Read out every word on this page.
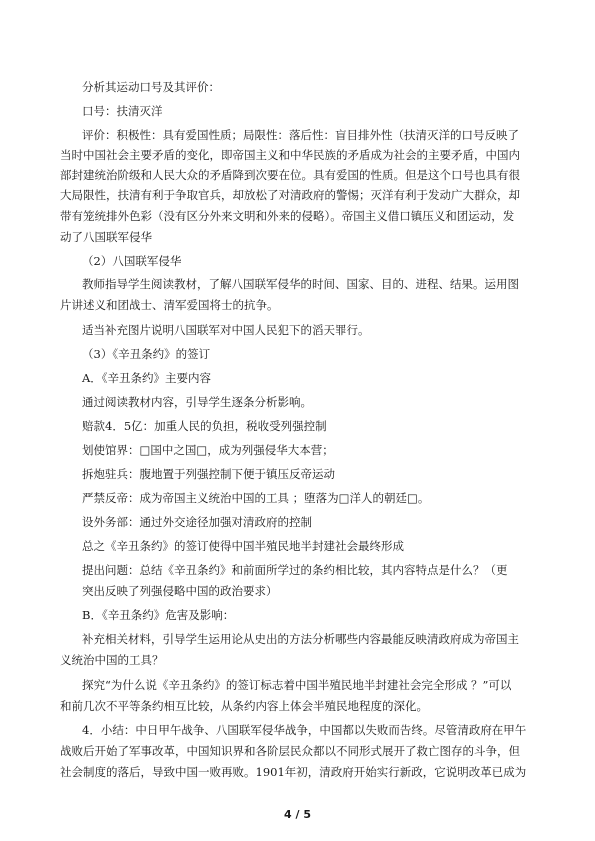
分析其运动口号及其评价：
口号：扶清灭洋
评价：积极性：具有爱国性质；局限性：落后性：盲目排外性（扶清灭洋的口号反映了
当时中国社会主要矛盾的变化，即帝国主义和中华民族的矛盾成为社会的主要矛盾，中国内
部封建统治阶级和人民大众的矛盾降到次要在位。具有爱国的性质。但是这个口号也具有很
大局限性，扶清有利于争取官兵，却放松了对清政府的警惕；灭洋有利于发动广大群众，却
带有笼统排外色彩（没有区分外来文明和外来的侵略）。帝国主义借口镇压义和团运动，发
动了八国联军侵华
（2）八国联军侵华
教师指导学生阅读教材，了解八国联军侵华的时间、国家、目的、进程、结果。运用图
片讲述义和团战士、清军爱国将士的抗争。
适当补充图片说明八国联军对中国人民犯下的滔天罪行。
（3）《辛丑条约》的签订
A．《辛丑条约》主要内容
通过阅读教材内容，引导学生逐条分析影响。
赔款4．5亿：加重人民的负担，税收受列强控制
划使馆界：□国中之国□，成为列强侵华大本营；
拆炮驻兵：腹地置于列强控制下便于镇压反帝运动
严禁反帝：成为帝国主义统治中国的工具 ；堕落为□洋人的朝廷□。
设外务部：通过外交途径加强对清政府的控制
总之《辛丑条约》的签订使得中国半殖民地半封建社会最终形成
提出问题：总结《辛丑条约》和前面所学过的条约相比较，其内容特点是什么？（更
突出反映了列强侵略中国的政治要求）
B．《辛丑条约》危害及影响：
补充相关材料，引导学生运用论从史出的方法分析哪些内容最能反映清政府成为帝国主
义统治中国的工具？
探究“为什么说《辛丑条约》的签订标志着中国半殖民地半封建社会完全形成 ？”可以
和前几次不平等条约相互比较，从条约内容上体会半殖民地程度的深化。
4．小结：中日甲午战争、八国联军侵华战争，中国都以失败而告终。尽管清政府在甲午
战败后开始了军事改革，中国知识界和各阶层民众都以不同形式展开了救亡图存的斗争，但
社会制度的落后，导致中国一败再败。1901年初，清政府开始实行新政，它说明改革已成为
4 / 5
